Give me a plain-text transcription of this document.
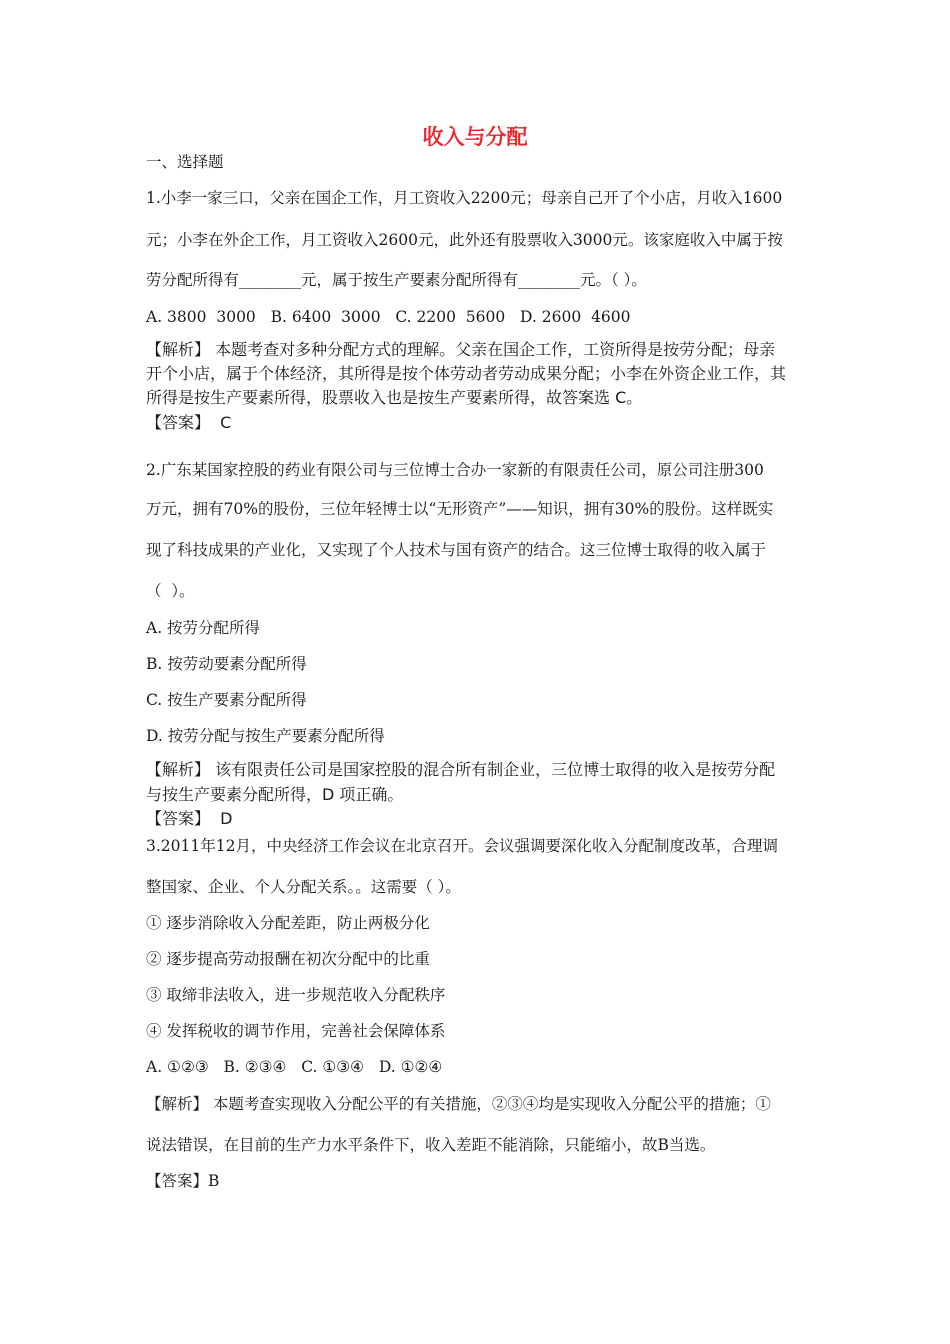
收入与分配
一、选择题
1.小李一家三口，父亲在国企工作，月工资收入2200元；母亲自己开了个小店，月收入1600
元；小李在外企工作，月工资收入2600元，此外还有股票收入3000元。该家庭收入中属于按
劳分配所得有________元，属于按生产要素分配所得有________元。（ ）。
A. 3800  3000   B. 6400  3000   C. 2200  5600   D. 2600  4600
【解析】 本题考查对多种分配方式的理解。父亲在国企工作，工资所得是按劳分配；母亲
开个小店，属于个体经济，其所得是按个体劳动者劳动成果分配；小李在外资企业工作，其
所得是按生产要素所得，股票收入也是按生产要素所得，故答案选 C。
【答案】  C
2.广东某国家控股的药业有限公司与三位博士合办一家新的有限责任公司，原公司注册300
万元，拥有70%的股份，三位年轻博士以“无形资产”——知识，拥有30%的股份。这样既实
现了科技成果的产业化，又实现了个人技术与国有资产的结合。这三位博士取得的收入属于
（  ）。
A. 按劳分配所得
B. 按劳动要素分配所得
C. 按生产要素分配所得
D. 按劳分配与按生产要素分配所得
【解析】 该有限责任公司是国家控股的混合所有制企业，三位博士取得的收入是按劳分配
与按生产要素分配所得，D 项正确。
【答案】  D
3.2011年12月，中央经济工作会议在北京召开。会议强调要深化收入分配制度改革，合理调
整国家、企业、个人分配关系。。这需要（ ）。
① 逐步消除收入分配差距，防止两极分化
② 逐步提高劳动报酬在初次分配中的比重
③ 取缔非法收入，进一步规范收入分配秩序
④ 发挥税收的调节作用，完善社会保障体系
A. ①②③   B. ②③④   C. ①③④   D. ①②④
【解析】 本题考查实现收入分配公平的有关措施，②③④均是实现收入分配公平的措施；①
说法错误，在目前的生产力水平条件下，收入差距不能消除，只能缩小，故B当选。
【答案】B
